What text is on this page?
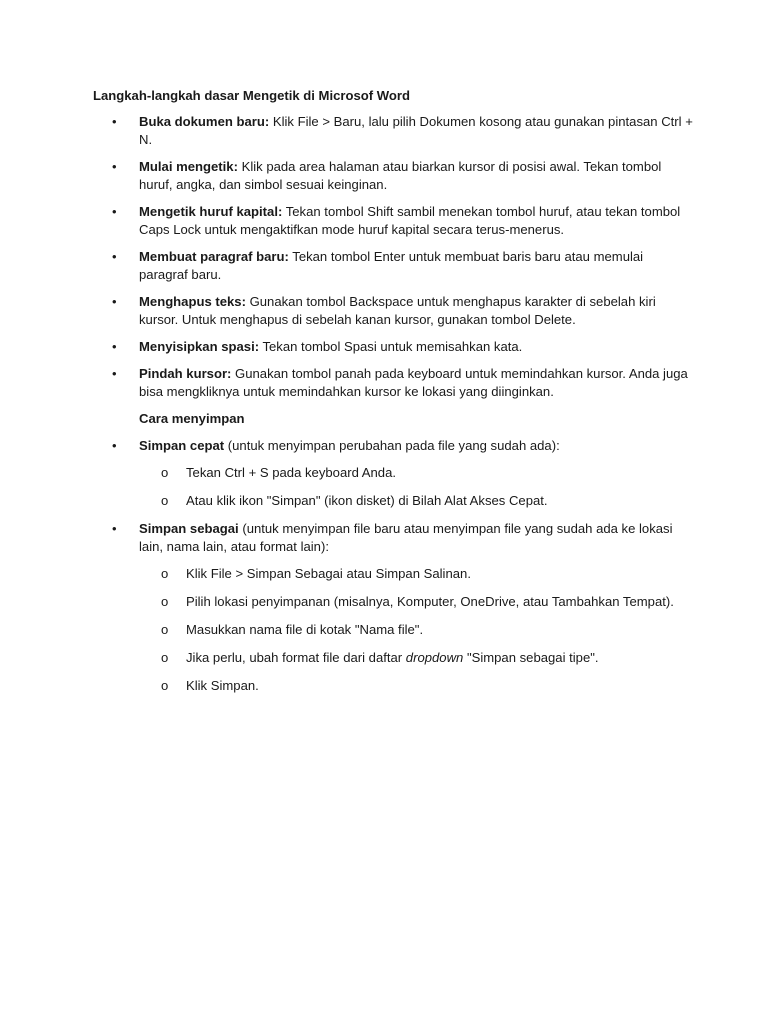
Langkah-langkah dasar Mengetik di Microsof Word
• Buka dokumen baru: Klik File > Baru, lalu pilih Dokumen kosong atau gunakan pintasan Ctrl + N.
• Mulai mengetik: Klik pada area halaman atau biarkan kursor di posisi awal. Tekan tombol huruf, angka, dan simbol sesuai keinginan.
• Mengetik huruf kapital: Tekan tombol Shift sambil menekan tombol huruf, atau tekan tombol Caps Lock untuk mengaktifkan mode huruf kapital secara terus-menerus.
• Membuat paragraf baru: Tekan tombol Enter untuk membuat baris baru atau memulai paragraf baru.
• Menghapus teks: Gunakan tombol Backspace untuk menghapus karakter di sebelah kiri kursor. Untuk menghapus di sebelah kanan kursor, gunakan tombol Delete.
• Menyisipkan spasi: Tekan tombol Spasi untuk memisahkan kata.
• Pindah kursor: Gunakan tombol panah pada keyboard untuk memindahkan kursor. Anda juga bisa mengkliknya untuk memindahkan kursor ke lokasi yang diinginkan.
Cara menyimpan
• Simpan cepat (untuk menyimpan perubahan pada file yang sudah ada):
o Tekan Ctrl + S pada keyboard Anda.
o Atau klik ikon "Simpan" (ikon disket) di Bilah Alat Akses Cepat.
• Simpan sebagai (untuk menyimpan file baru atau menyimpan file yang sudah ada ke lokasi lain, nama lain, atau format lain):
o Klik File > Simpan Sebagai atau Simpan Salinan.
o Pilih lokasi penyimpanan (misalnya, Komputer, OneDrive, atau Tambahkan Tempat).
o Masukkan nama file di kotak "Nama file".
o Jika perlu, ubah format file dari daftar dropdown "Simpan sebagai tipe".
o Klik Simpan.
